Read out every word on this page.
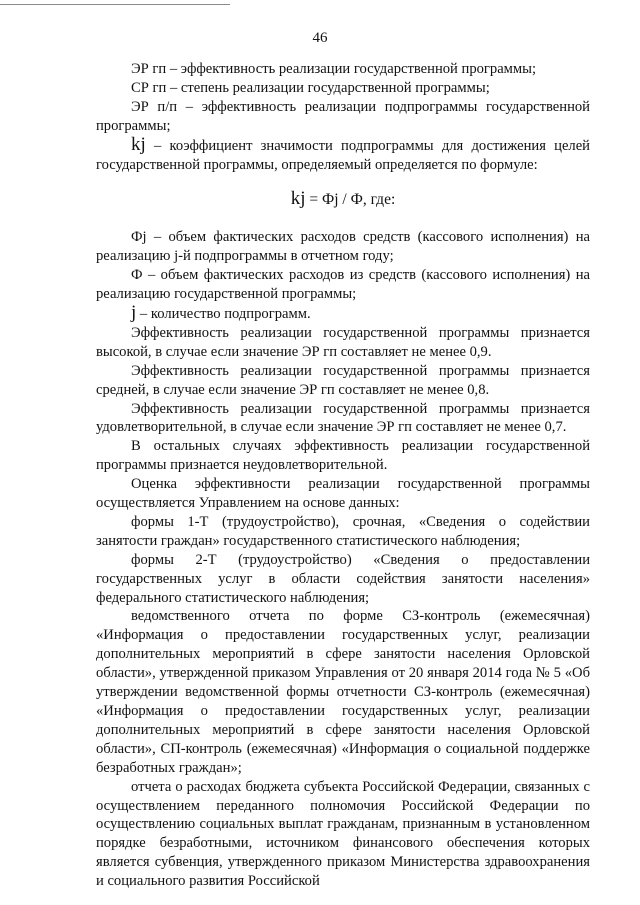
46

ЭР гп – эффективность реализации государственной программы;

СР гп – степень реализации государственной программы;

ЭР п/п – эффективность реализации подпрограммы государственной программы;

kj – коэффициент значимости подпрограммы для достижения целей государственной программы, определяемый определяется по формуле:

kj = Фj / Ф, где:

Фj – объем фактических расходов средств (кассового исполнения) на реализацию j-й подпрограммы в отчетном году;

Ф – объем фактических расходов из средств (кассового исполнения) на реализацию государственной программы;

j – количество подпрограмм.

Эффективность реализации государственной программы признается высокой, в случае если значение ЭР гп составляет не менее 0,9.

Эффективность реализации государственной программы признается средней, в случае если значение ЭР гп составляет не менее 0,8.

Эффективность реализации государственной программы признается удовлетворительной, в случае если значение ЭР гп составляет не менее 0,7.

В остальных случаях эффективность реализации государственной программы признается неудовлетворительной.

Оценка эффективности реализации государственной программы осуществляется Управлением на основе данных:

формы 1-Т (трудоустройство), срочная, «Сведения о содействии занятости граждан» государственного статистического наблюдения;

формы 2-Т (трудоустройство) «Сведения о предоставлении государственных услуг в области содействия занятости населения» федерального статистического наблюдения;

ведомственного отчета по форме СЗ-контроль (ежемесячная) «Информация о предоставлении государственных услуг, реализации дополнительных мероприятий в сфере занятости населения Орловской области», утвержденной приказом Управления от 20 января 2014 года № 5 «Об утверждении ведомственной формы отчетности СЗ-контроль (ежемесячная) «Информация о предоставлении государственных услуг, реализации дополнительных мероприятий в сфере занятости населения Орловской области», СП-контроль (ежемесячная) «Информация о социальной поддержке безработных граждан»;

отчета о расходах бюджета субъекта Российской Федерации, связанных с осуществлением переданного полномочия Российской Федерации по осуществлению социальных выплат гражданам, признанным в установленном порядке безработными, источником финансового обеспечения которых является субвенция, утвержденного приказом Министерства здравоохранения и социального развития Российской
